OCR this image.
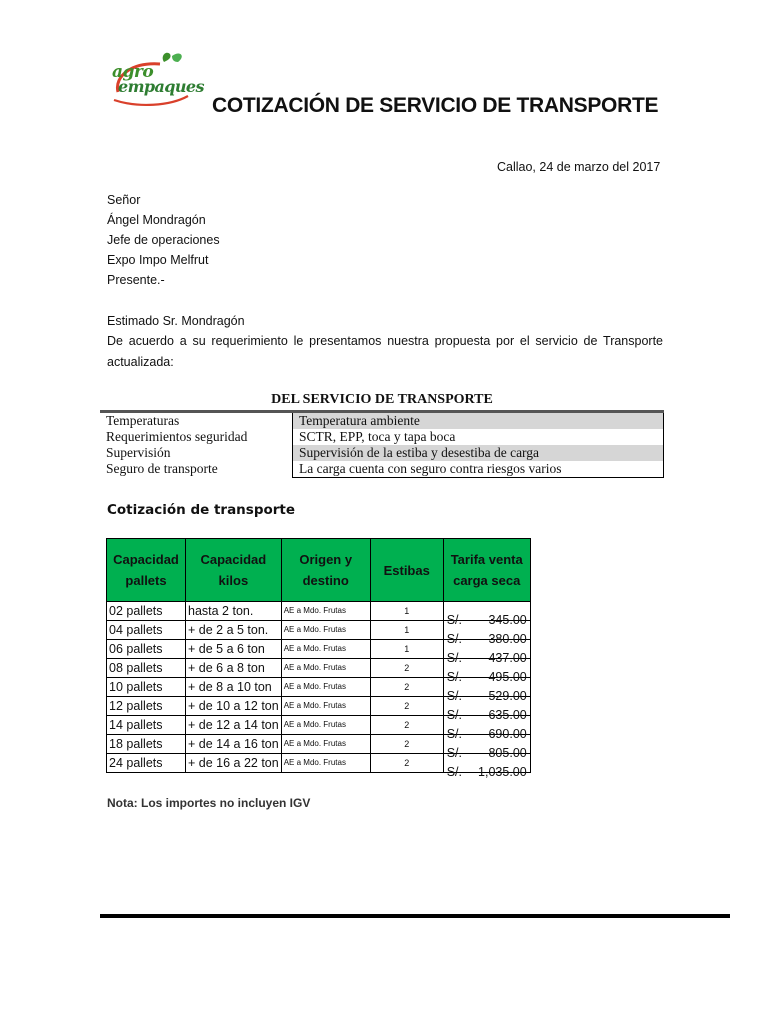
agro
empaques
COTIZACIÓN DE SERVICIO DE TRANSPORTE
Callao, 24 de marzo del 2017
Señor
Ángel Mondragón
Jefe de operaciones
Expo Impo Melfrut
Presente.-
Estimado Sr. Mondragón
De acuerdo a su requerimiento le presentamos nuestra propuesta por el servicio de Transporte actualizada:
DEL SERVICIO DE TRANSPORTE
Temperaturas	Temperatura ambiente
Requerimientos seguridad	SCTR, EPP, toca y tapa boca
Supervisión	Supervisión de la estiba y desestiba de carga
Seguro de transporte	La carga cuenta con seguro contra riesgos varios
Cotización de transporte
Capacidad pallets	Capacidad kilos	Origen y destino	Estibas	Tarifa venta carga seca
02 pallets	hasta 2 ton.	AE a Mdo. Frutas	1	S/. 345.00

04 pallets	+ de 2 a 5 ton.	AE a Mdo. Frutas	1	S/. 380.00

06 pallets	+ de 5 a 6 ton	AE a Mdo. Frutas	1	S/. 437.00

08 pallets	+ de 6 a 8 ton	AE a Mdo. Frutas	2	S/. 495.00

10 pallets	+ de 8 a 10 ton	AE a Mdo. Frutas	2	S/. 529.00

12 pallets	+ de 10 a 12 ton	AE a Mdo. Frutas	2	S/. 635.00

14 pallets	+ de 12 a 14 ton	AE a Mdo. Frutas	2	S/. 690.00

18 pallets	+ de 14 a 16 ton	AE a Mdo. Frutas	2	S/. 805.00

24 pallets	+ de 16 a 22 ton	AE a Mdo. Frutas	2	S/. 1,035.00
Nota: Los importes no incluyen IGV
